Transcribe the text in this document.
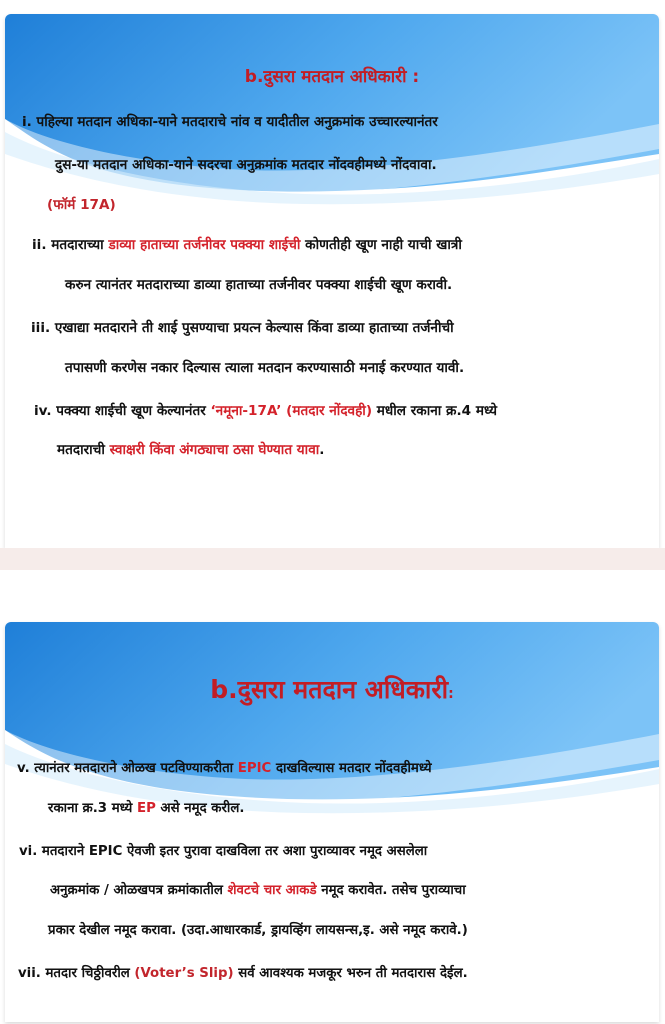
b.दुसरा मतदान अधिकारी :
i. पहिल्या मतदान अधिका-याने मतदाराचे नांव व यादीतील अनुक्रमांक उच्चारल्यानंतर
दुस-या मतदान अधिका-याने सदरचा अनुक्रमांक मतदार नोंदवहीमध्ये नोंदवावा.
(फॉर्म 17A)
ii. मतदाराच्या डाव्या हाताच्या तर्जनीवर पक्क्या शाईची कोणतीही खूण नाही याची खात्री
करुन त्यानंतर मतदाराच्या डाव्या हाताच्या तर्जनीवर पक्क्या शाईची खूण करावी.
iii. एखाद्या मतदाराने ती शाई पुसण्याचा प्रयत्न केल्यास किंवा डाव्या हाताच्या तर्जनीची
तपासणी करणेस नकार दिल्यास त्याला मतदान करण्यासाठी मनाई करण्यात यावी.
iv. पक्क्या शाईची खूण केल्यानंतर ‘नमूना-17A’ (मतदार नोंदवही) मधील रकाना क्र.4 मध्ये
मतदाराची स्वाक्षरी किंवा अंगठ्याचा ठसा घेण्यात यावा.
b.दुसरा मतदान अधिकारी:
v. त्यानंतर मतदाराने ओळख पटविण्याकरीता EPIC दाखविल्यास मतदार नोंदवहीमध्ये
रकाना क्र.3 मध्ये EP असे नमूद करील.
vi. मतदाराने EPIC ऐवजी इतर पुरावा दाखविला तर अशा पुराव्यावर नमूद असलेला
अनुक्रमांक / ओळखपत्र क्रमांकातील शेवटचे चार आकडे नमूद करावेत. तसेच पुराव्याचा
प्रकार देखील नमूद करावा. (उदा.आधारकार्ड, ड्रायव्हिंग लायसन्स,इ. असे नमूद करावे.)
vii. मतदार चिठ्ठीवरील (Voter’s Slip) सर्व आवश्यक मजकूर भरुन ती मतदारास देईल.
